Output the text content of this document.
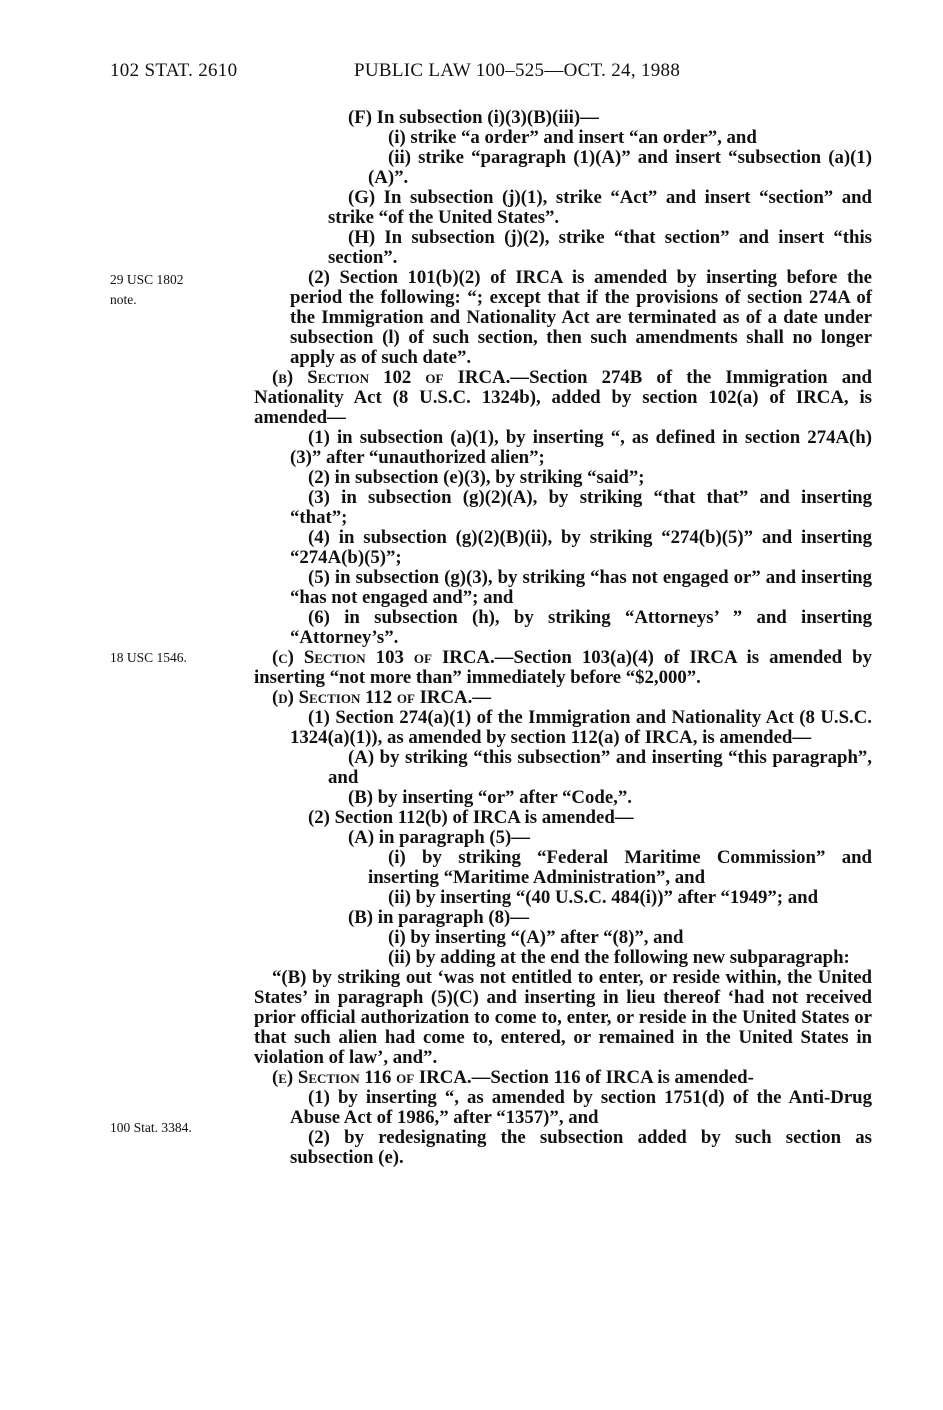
102 STAT. 2610	PUBLIC LAW 100–525—OCT. 24, 1988
29 USC 1802
note.
18 USC 1546.
100 Stat. 3384.

(F) In subsection (i)(3)(B)(iii)—

(i) strike “a order” and insert “an order”, and

(ii) strike “paragraph (1)(A)” and insert “subsection (a)(1)(A)”.

(G) In subsection (j)(1), strike “Act” and insert “section” and strike “of the United States”.

(H) In subsection (j)(2), strike “that section” and insert “this section”.

(2) Section 101(b)(2) of IRCA is amended by inserting before the period the following: “; except that if the provisions of section 274A of the Immigration and Nationality Act are terminated as of a date under subsection (l) of such section, then such amendments shall no longer apply as of such date”.

(b) Section 102 of IRCA.—Section 274B of the Immigration and Nationality Act (8 U.S.C. 1324b), added by section 102(a) of IRCA, is amended—

(1) in subsection (a)(1), by inserting “, as defined in section 274A(h)(3)” after “unauthorized alien”;

(2) in subsection (e)(3), by striking “said”;

(3) in subsection (g)(2)(A), by striking “that that” and inserting “that”;

(4) in subsection (g)(2)(B)(ii), by striking “274(b)(5)” and inserting “274A(b)(5)”;

(5) in subsection (g)(3), by striking “has not engaged or” and inserting “has not engaged and”; and

(6) in subsection (h), by striking “Attorneys’ ” and inserting “Attorney’s”.

(c) Section 103 of IRCA.—Section 103(a)(4) of IRCA is amended by inserting “not more than” immediately before “$2,000”.

(d) Section 112 of IRCA.—

(1) Section 274(a)(1) of the Immigration and Nationality Act (8 U.S.C. 1324(a)(1)), as amended by section 112(a) of IRCA, is amended—

(A) by striking “this subsection” and inserting “this paragraph”, and

(B) by inserting “or” after “Code,”.

(2) Section 112(b) of IRCA is amended—

(A) in paragraph (5)—

(i) by striking “Federal Maritime Commission” and inserting “Maritime Administration”, and

(ii) by inserting “(40 U.S.C. 484(i))” after “1949”; and

(B) in paragraph (8)—

(i) by inserting “(A)” after “(8)”, and

(ii) by adding at the end the following new subparagraph:

“(B) by striking out ‘was not entitled to enter, or reside within, the United States’ in paragraph (5)(C) and inserting in lieu thereof ‘had not received prior official authorization to come to, enter, or reside in the United States or that such alien had come to, entered, or remained in the United States in violation of law’, and”.

(e) Section 116 of IRCA.—Section 116 of IRCA is amended-

(1) by inserting “, as amended by section 1751(d) of the Anti-Drug Abuse Act of 1986,” after “1357)”, and

(2) by redesignating the subsection added by such section as subsection (e).
